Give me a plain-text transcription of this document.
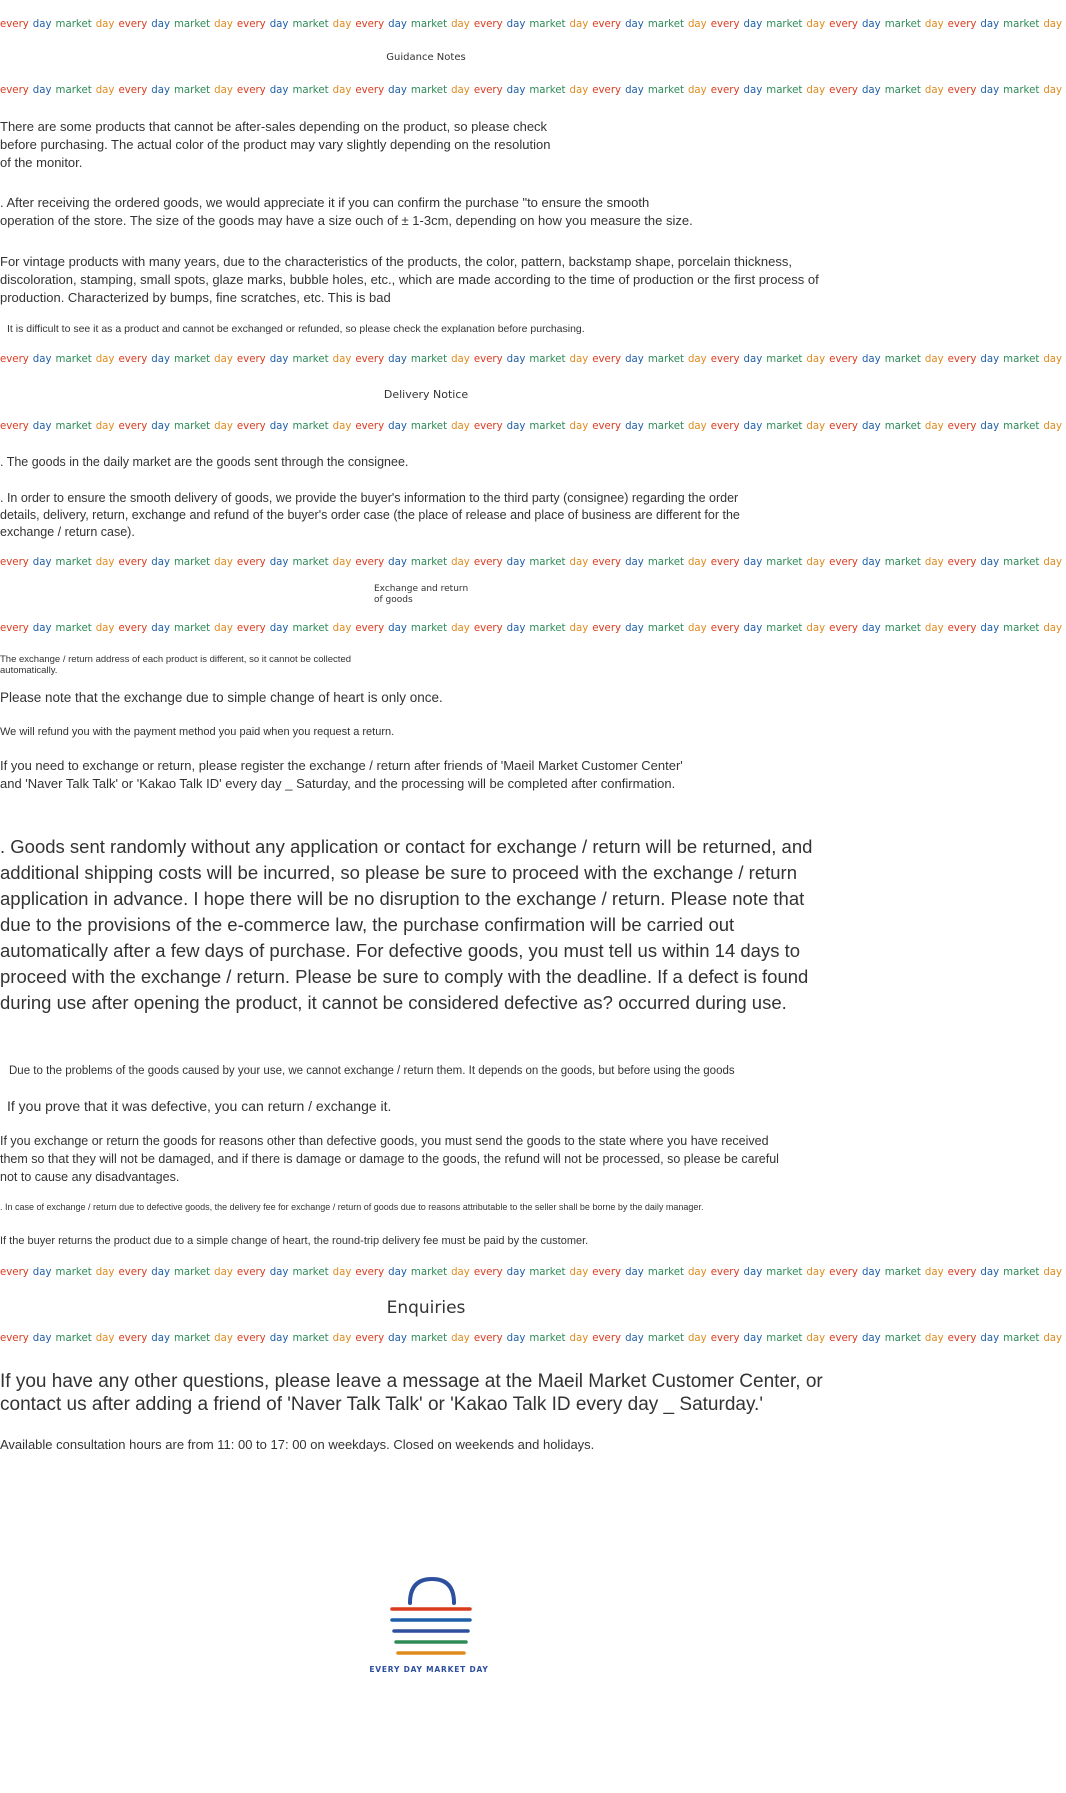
every day market day every day market day every day market day every day market day every day market day every day market day every day market day every day market day every day market day
Guidance Notes
every day market day every day market day every day market day every day market day every day market day every day market day every day market day every day market day every day market day
There are some products that cannot be after-sales depending on the product, so please check before purchasing. The actual color of the product may vary slightly depending on the resolution of the monitor.
. After receiving the ordered goods, we would appreciate it if you can confirm the purchase "to ensure the smooth operation of the store. The size of the goods may have a size ouch of ± 1-3cm, depending on how you measure the size.
For vintage products with many years, due to the characteristics of the products, the color, pattern, backstamp shape, porcelain thickness, discoloration, stamping, small spots, glaze marks, bubble holes, etc., which are made according to the time of production or the first process of production. Characterized by bumps, fine scratches, etc. This is bad
It is difficult to see it as a product and cannot be exchanged or refunded, so please check the explanation before purchasing.
every day market day every day market day every day market day every day market day every day market day every day market day every day market day every day market day every day market day
Delivery Notice
every day market day every day market day every day market day every day market day every day market day every day market day every day market day every day market day every day market day
. The goods in the daily market are the goods sent through the consignee.
. In order to ensure the smooth delivery of goods, we provide the buyer's information to the third party (consignee) regarding the order details, delivery, return, exchange and refund of the buyer's order case (the place of release and place of business are different for the exchange / return case).
every day market day every day market day every day market day every day market day every day market day every day market day every day market day every day market day every day market day
Exchange and return of goods
every day market day every day market day every day market day every day market day every day market day every day market day every day market day every day market day every day market day
The exchange / return address of each product is different, so it cannot be collected automatically.
Please note that the exchange due to simple change of heart is only once.
We will refund you with the payment method you paid when you request a return.
If you need to exchange or return, please register the exchange / return after friends of 'Maeil Market Customer Center' and 'Naver Talk Talk' or 'Kakao Talk ID' every day _ Saturday, and the processing will be completed after confirmation.
. Goods sent randomly without any application or contact for exchange / return will be returned, and additional shipping costs will be incurred, so please be sure to proceed with the exchange / return application in advance. I hope there will be no disruption to the exchange / return. Please note that due to the provisions of the e-commerce law, the purchase confirmation will be carried out automatically after a few days of purchase. For defective goods, you must tell us within 14 days to proceed with the exchange / return. Please be sure to comply with the deadline. If a defect is found during use after opening the product, it cannot be considered defective as? occurred during use.
Due to the problems of the goods caused by your use, we cannot exchange / return them. It depends on the goods, but before using the goods
If you prove that it was defective, you can return / exchange it.
If you exchange or return the goods for reasons other than defective goods, you must send the goods to the state where you have received them so that they will not be damaged, and if there is damage or damage to the goods, the refund will not be processed, so please be careful not to cause any disadvantages.
. In case of exchange / return due to defective goods, the delivery fee for exchange / return of goods due to reasons attributable to the seller shall be borne by the daily manager.
If the buyer returns the product due to a simple change of heart, the round-trip delivery fee must be paid by the customer.
every day market day every day market day every day market day every day market day every day market day every day market day every day market day every day market day every day market day
Enquiries
every day market day every day market day every day market day every day market day every day market day every day market day every day market day every day market day every day market day
If you have any other questions, please leave a message at the Maeil Market Customer Center, or contact us after adding a friend of 'Naver Talk Talk' or 'Kakao Talk ID every day _ Saturday.'
Available consultation hours are from 11: 00 to 17: 00 on weekdays. Closed on weekends and holidays.
EVERY DAY MARKET DAY
